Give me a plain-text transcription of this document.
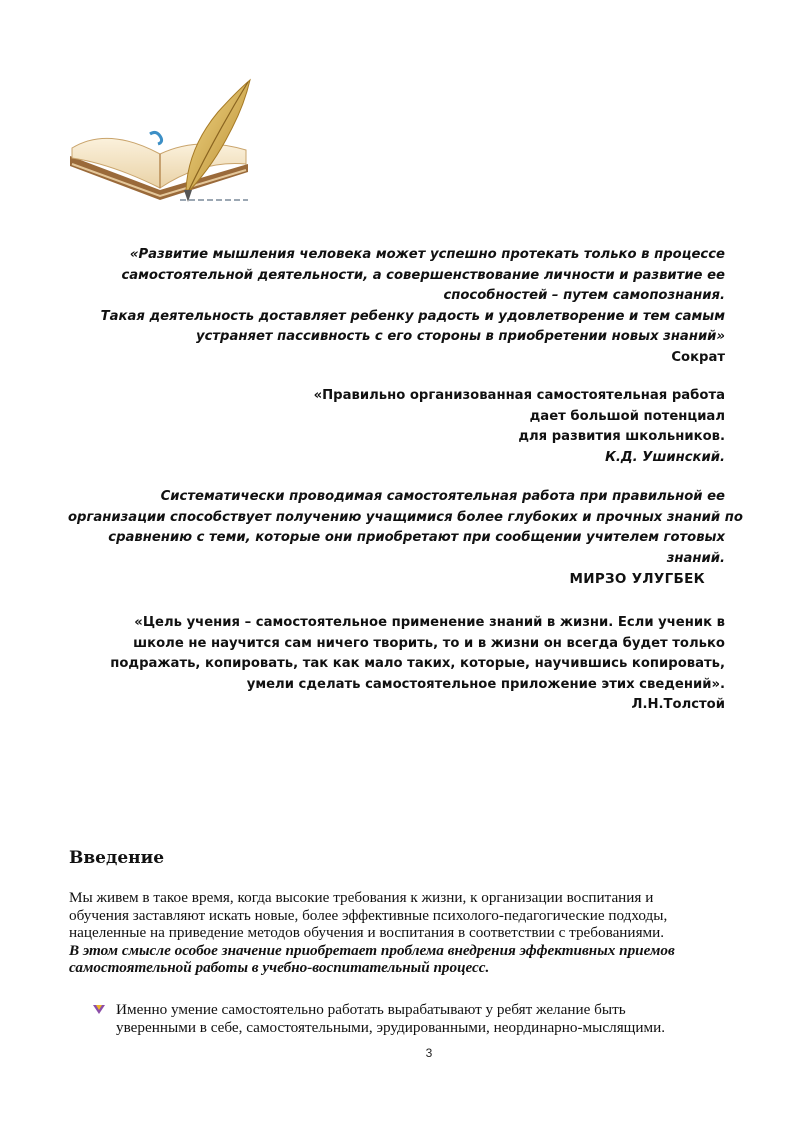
«Развитие мышления человека может успешно протекать только в процессе
самостоятельной деятельности, а совершенствование личности и развитие ее
способностей – путем самопознания.
Такая деятельность доставляет ребенку радость и удовлетворение и тем самым
устраняет пассивность с его стороны в приобретении новых знаний»
Сократ
«Правильно организованная самостоятельная работа
дает большой потенциал
для развития школьников.
К.Д. Ушинский.
Систематически проводимая самостоятельная работа при правильной ее
организации способствует получению учащимися более глубоких и прочных знаний по
сравнению с теми, которые они приобретают при сообщении учителем готовых
знаний.
МИРЗО УЛУГБЕК
«Цель учения – самостоятельное применение знаний в жизни. Если ученик в
школе не научится сам ничего творить, то и в жизни он всегда будет только
подражать, копировать, так как мало таких, которые, научившись копировать,
умели сделать самостоятельное приложение этих сведений».
Л.Н.Толстой
Введение
Мы живем в такое время, когда высокие требования к жизни, к организации воспитания и
обучения заставляют искать новые, более эффективные психолого-педагогические подходы,
нацеленные на приведение методов обучения и воспитания в соответствии с требованиями.
В этом смысле особое значение приобретает проблема внедрения эффективных приемов
самостоятельной работы в учебно-воспитательный процесс.
Именно умение самостоятельно работать вырабатывают у ребят желание быть
уверенными в себе, самостоятельными, эрудированными, неординарно-мыслящими.
3
